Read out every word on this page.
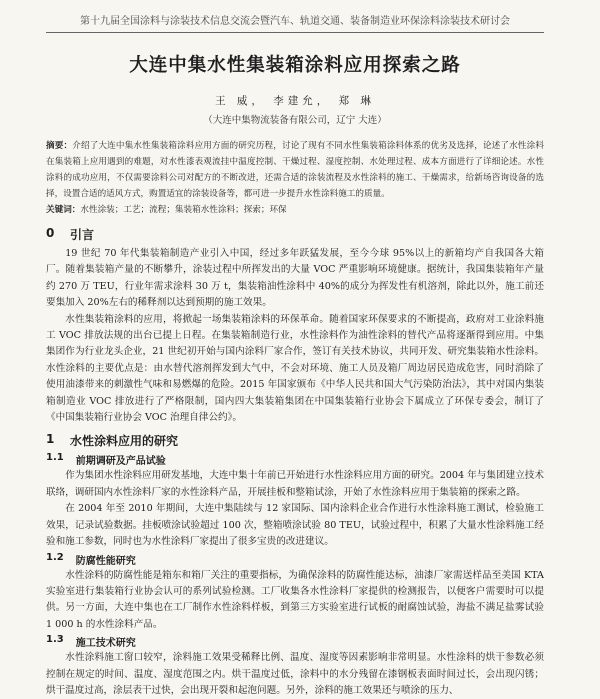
第十九届全国涂料与涂装技术信息交流会暨汽车、轨道交通、装备制造业环保涂料涂装技术研讨会
大连中集水性集装箱涂料应用探索之路
王 威， 李建允， 郑 琳
（大连中集物流装备有限公司，辽宁 大连）

摘要：介绍了大连中集水性集装箱涂料应用方面的研究历程，讨论了现有不同水性集装箱涂料体系的优劣及选择，论述了水性涂料在集装箱上应用遇到的难题，对水性漆表观流挂中温度控制、干燥过程、湿度控制、水处理过程、成本方面进行了详细论述。水性涂料的成功应用，不仅需要涂料公司对配方的不断改进，还需合适的涂装流程及水性涂料的施工、干燥需求，给新场咨询设备的选择，设置合适的适风方式，购置适宜的涂装设备等，都可进一步提升水性涂料施工的质量。

关键词：水性涂装；工艺；流程；集装箱水性涂料；探索；环保

0	引言

19 世纪 70 年代集装箱制造产业引入中国，经过多年跃猛发展，至今今球 95%以上的新箱均产自我国各大箱厂。随着集装箱产量的不断攀升，涂装过程中所挥发出的大量 VOC 严重影响环境健康。据统计，我国集装箱年产量约 270 万 TEU，行业年需求涂料 30 万 t，集装箱油性涂料中 40%的成分为挥发性有机溶剂，除此以外，施工前还要集加入 20%左右的稀释剂以达到预期的施工效果。

水性集装箱涂料的应用，将掀起一场集装箱涂料的环保革命。随着国家环保要求的不断提高，政府对工业涂料施工 VOC 排放法规的出台已提上日程。在集装箱制造行业，水性涂料作为油性涂料的替代产品将逐渐得到应用。中集集团作为行业龙头企业，21 世纪初开始与国内涂料厂家合作，签订有关技术协议，共同开发、研究集装箱水性涂料。水性涂料的主要优点是：由水替代溶剂挥发到大气中，不会对环境、施工人员及箱厂周边居民造成危害，同时消除了使用油漆带来的刺激性气味和易燃爆的危险。2015 年国家颁布《中华人民共和国大气污染防治法》，其中对国内集装箱制造业 VOC 排放进行了严格限制，国内四大集装箱集团在中国集装箱行业协会下属成立了环保专委会，制订了《中国集装箱行业协会 VOC 治理自律公约》。

1	水性涂料应用的研究
1.1 前期调研及产品试验

作为集团水性涂料应用研发基地，大连中集十年前已开始进行水性涂料应用方面的研究。2004 年与集团建立技术联络，调研国内水性涂料厂家的水性涂料产品，开展挂板和整箱试涂，开始了水性涂料应用于集装箱的探索之路。

在 2004 年至 2010 年期间，大连中集陆续与 12 家国际、国内涂料企业合作进行水性涂料施工测试，检验施工效果，记录试验数据。挂板喷涂试验超过 100 次，整箱喷涂试验 80 TEU，试验过程中，积累了大量水性涂料施工经验和施工参数，同时也为水性涂料厂家提出了很多宝贵的改进建议。

1.2 防腐性能研究

水性涂料的防腐性能是箱东和箱厂关注的重要指标，为确保涂料的防腐性能达标，油漆厂家需送样品至美国 KTA 实验室进行集装箱行业协会认可的系列试验检测。工厂收集各水性涂料厂家提供的检测报告，以便客户需要时可以提供。另一方面，大连中集也在工厂制作水性涂料样板，到第三方实验室进行试板的耐腐蚀试验，海盐不满足盐雾试验 1 000 h 的水性涂料产品。

1.3 施工技术研究

水性涂料施工窗口较窄，涂料施工效果受稀释比例、温度、湿度等因素影响非常明显。水性涂料的烘干参数必须控制在规定的时间、温度、湿度范围之内。烘干温度过低，涂料中的水分残留在漆钢板表面时间过长，会出现闪锈；烘干温度过高，涂层表干过快，会出现开裂和起泡问题。另外，涂料的施工效果还与喷涂的压力、
